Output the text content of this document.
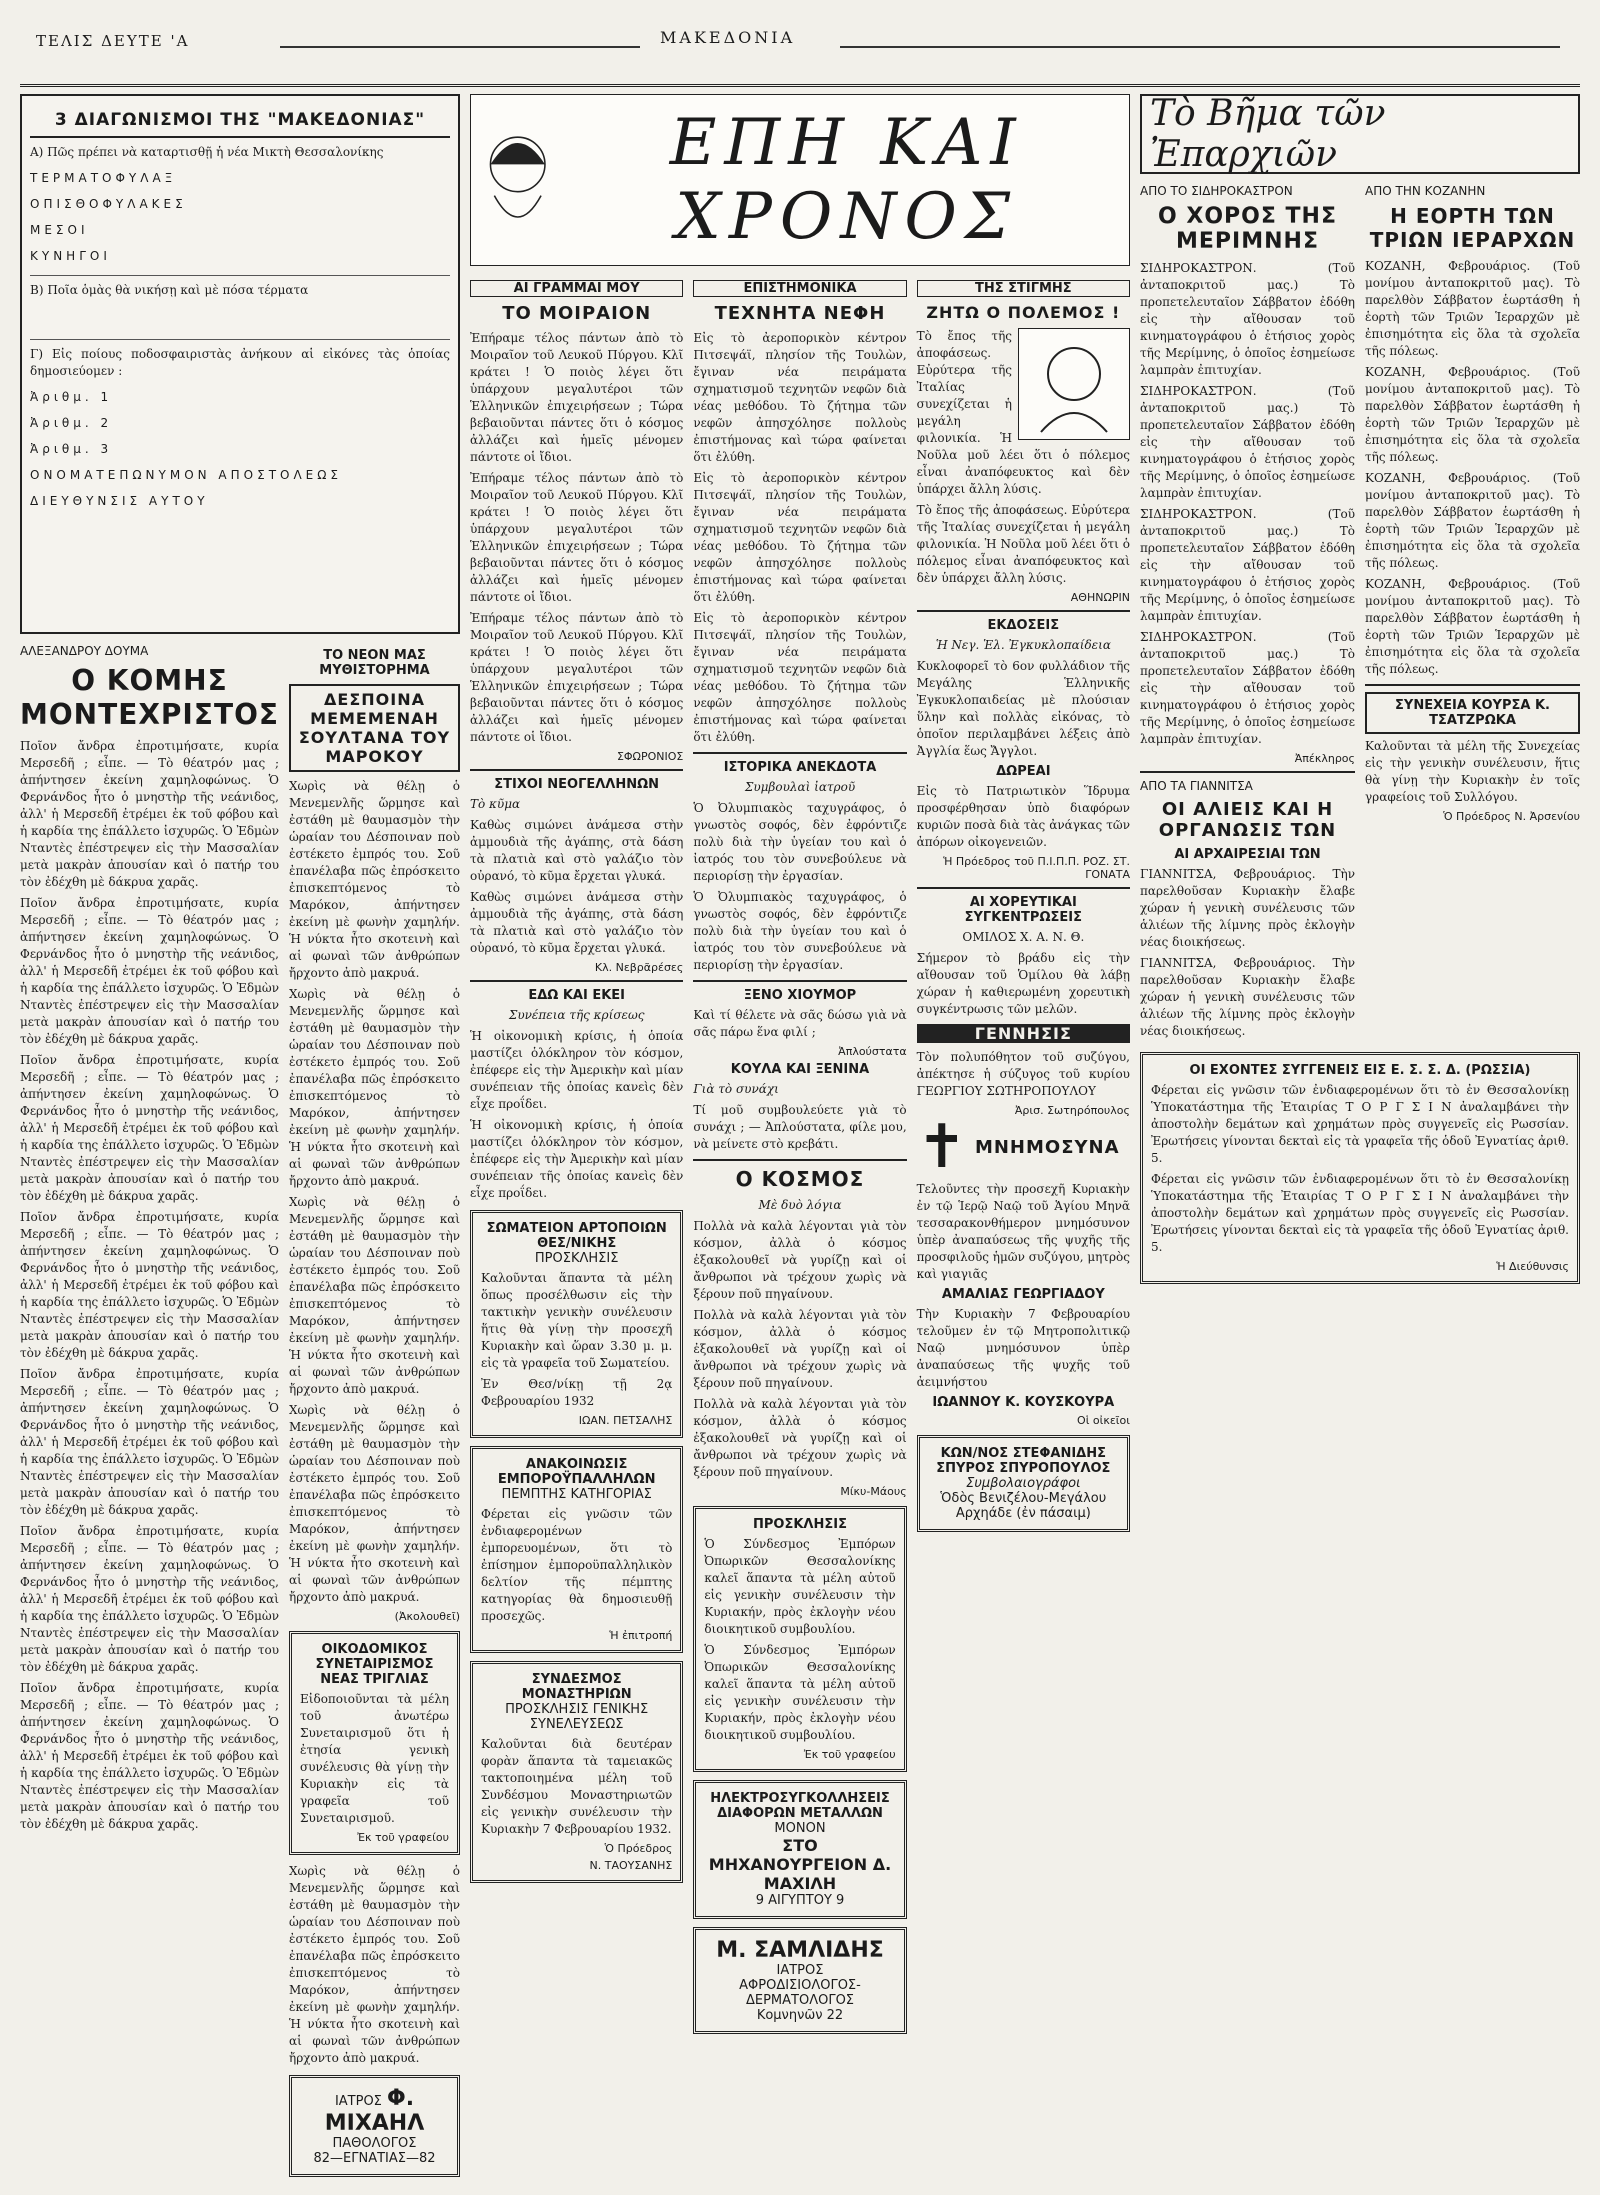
ΤΕΛΙΣ ΔΕΥΤΕ 'Α	ΜΑΚΕΔΟΝΙΑ
3 ΔΙΑΓΩΝΙΣΜΟΙ ΤΗΣ "ΜΑΚΕΔΟΝΙΑΣ"
Α) Πῶς πρέπει νὰ καταρτισθῇ ἡ νέα Μικτὴ Θεσσαλονίκης
ΤΕΡΜΑΤΟΦΥΛΑΞ
ΟΠΙΣΘΟΦΥΛΑΚΕΣ
ΜΕΣΟΙ
ΚΥΝΗΓΟΙ
Β) Ποῖα ὁμὰς θὰ νικήσῃ καὶ μὲ πόσα τέρματα
Γ) Εἰς ποίους ποδοσφαιριστὰς ἀνήκουν αἱ εἰκόνες τὰς ὁποίας δημοσιεύομεν :
Ἀριθμ. 1
Ἀριθμ. 2
Ἀριθμ. 3
ΟΝΟΜΑΤΕΠΩΝΥΜΟΝ ΑΠΟΣΤΟΛΕΩΣ
ΔΙΕΥΘΥΝΣΙΣ ΑΥΤΟΥ
ΑΛΕΞΑΝΔΡΟΥ ΔΟΥΜΑ
Ο ΚΟΜΗΣ ΜΟΝΤΕΧΡΙΣΤΟΣ
Ποῖον ἄνδρα ἐπροτιμήσατε, κυρία Μερσεδῆ ; εἶπε. — Τὸ θέατρόν μας ; ἀπήντησεν ἐκείνη χαμηλοφώνως. Ὁ Φερνάνδος ἦτο ὁ μνηστὴρ τῆς νεάνιδος, ἀλλ' ἡ Μερσεδῆ ἐτρέμει ἐκ τοῦ φόβου καὶ ἡ καρδία της ἐπάλλετο ἰσχυρῶς. Ὁ Ἐδμὼν Νταντὲς ἐπέστρεψεν εἰς τὴν Μασσαλίαν μετὰ μακρὰν ἀπουσίαν καὶ ὁ πατήρ του τὸν ἐδέχθη μὲ δάκρυα χαρᾶς.
Ποῖον ἄνδρα ἐπροτιμήσατε, κυρία Μερσεδῆ ; εἶπε. — Τὸ θέατρόν μας ; ἀπήντησεν ἐκείνη χαμηλοφώνως. Ὁ Φερνάνδος ἦτο ὁ μνηστὴρ τῆς νεάνιδος, ἀλλ' ἡ Μερσεδῆ ἐτρέμει ἐκ τοῦ φόβου καὶ ἡ καρδία της ἐπάλλετο ἰσχυρῶς. Ὁ Ἐδμὼν Νταντὲς ἐπέστρεψεν εἰς τὴν Μασσαλίαν μετὰ μακρὰν ἀπουσίαν καὶ ὁ πατήρ του τὸν ἐδέχθη μὲ δάκρυα χαρᾶς.
Ποῖον ἄνδρα ἐπροτιμήσατε, κυρία Μερσεδῆ ; εἶπε. — Τὸ θέατρόν μας ; ἀπήντησεν ἐκείνη χαμηλοφώνως. Ὁ Φερνάνδος ἦτο ὁ μνηστὴρ τῆς νεάνιδος, ἀλλ' ἡ Μερσεδῆ ἐτρέμει ἐκ τοῦ φόβου καὶ ἡ καρδία της ἐπάλλετο ἰσχυρῶς. Ὁ Ἐδμὼν Νταντὲς ἐπέστρεψεν εἰς τὴν Μασσαλίαν μετὰ μακρὰν ἀπουσίαν καὶ ὁ πατήρ του τὸν ἐδέχθη μὲ δάκρυα χαρᾶς.
Ποῖον ἄνδρα ἐπροτιμήσατε, κυρία Μερσεδῆ ; εἶπε. — Τὸ θέατρόν μας ; ἀπήντησεν ἐκείνη χαμηλοφώνως. Ὁ Φερνάνδος ἦτο ὁ μνηστὴρ τῆς νεάνιδος, ἀλλ' ἡ Μερσεδῆ ἐτρέμει ἐκ τοῦ φόβου καὶ ἡ καρδία της ἐπάλλετο ἰσχυρῶς. Ὁ Ἐδμὼν Νταντὲς ἐπέστρεψεν εἰς τὴν Μασσαλίαν μετὰ μακρὰν ἀπουσίαν καὶ ὁ πατήρ του τὸν ἐδέχθη μὲ δάκρυα χαρᾶς.
Ποῖον ἄνδρα ἐπροτιμήσατε, κυρία Μερσεδῆ ; εἶπε. — Τὸ θέατρόν μας ; ἀπήντησεν ἐκείνη χαμηλοφώνως. Ὁ Φερνάνδος ἦτο ὁ μνηστὴρ τῆς νεάνιδος, ἀλλ' ἡ Μερσεδῆ ἐτρέμει ἐκ τοῦ φόβου καὶ ἡ καρδία της ἐπάλλετο ἰσχυρῶς. Ὁ Ἐδμὼν Νταντὲς ἐπέστρεψεν εἰς τὴν Μασσαλίαν μετὰ μακρὰν ἀπουσίαν καὶ ὁ πατήρ του τὸν ἐδέχθη μὲ δάκρυα χαρᾶς.
Ποῖον ἄνδρα ἐπροτιμήσατε, κυρία Μερσεδῆ ; εἶπε. — Τὸ θέατρόν μας ; ἀπήντησεν ἐκείνη χαμηλοφώνως. Ὁ Φερνάνδος ἦτο ὁ μνηστὴρ τῆς νεάνιδος, ἀλλ' ἡ Μερσεδῆ ἐτρέμει ἐκ τοῦ φόβου καὶ ἡ καρδία της ἐπάλλετο ἰσχυρῶς. Ὁ Ἐδμὼν Νταντὲς ἐπέστρεψεν εἰς τὴν Μασσαλίαν μετὰ μακρὰν ἀπουσίαν καὶ ὁ πατήρ του τὸν ἐδέχθη μὲ δάκρυα χαρᾶς.
Ποῖον ἄνδρα ἐπροτιμήσατε, κυρία Μερσεδῆ ; εἶπε. — Τὸ θέατρόν μας ; ἀπήντησεν ἐκείνη χαμηλοφώνως. Ὁ Φερνάνδος ἦτο ὁ μνηστὴρ τῆς νεάνιδος, ἀλλ' ἡ Μερσεδῆ ἐτρέμει ἐκ τοῦ φόβου καὶ ἡ καρδία της ἐπάλλετο ἰσχυρῶς. Ὁ Ἐδμὼν Νταντὲς ἐπέστρεψεν εἰς τὴν Μασσαλίαν μετὰ μακρὰν ἀπουσίαν καὶ ὁ πατήρ του τὸν ἐδέχθη μὲ δάκρυα χαρᾶς.
ΤΟ ΝΕΟΝ ΜΑΣ ΜΥΘΙΣΤΟΡΗΜΑ
ΔΕΣΠΟΙΝΑ ΜΕΜΕΜΕΝΑΗ ΣΟΥΛΤΑΝΑ ΤΟΥ ΜΑΡΟΚΟΥ
Χωρὶς νὰ θέλῃ ὁ Μενεμενλῆς ὥρμησε καὶ ἐστάθη μὲ θαυμασμὸν τὴν ὡραίαν του Δέσποιναν ποὺ ἐστέκετο ἐμπρός του. Σοῦ ἐπανέλαβα πῶς ἐπρόσκειτο ἐπισκεπτόμενος τὸ Μαρόκον, ἀπήντησεν ἐκείνη μὲ φωνὴν χαμηλήν. Ἡ νύκτα ἦτο σκοτεινὴ καὶ αἱ φωναὶ τῶν ἀνθρώπων ἤρχοντο ἀπὸ μακρυά.
Χωρὶς νὰ θέλῃ ὁ Μενεμενλῆς ὥρμησε καὶ ἐστάθη μὲ θαυμασμὸν τὴν ὡραίαν του Δέσποιναν ποὺ ἐστέκετο ἐμπρός του. Σοῦ ἐπανέλαβα πῶς ἐπρόσκειτο ἐπισκεπτόμενος τὸ Μαρόκον, ἀπήντησεν ἐκείνη μὲ φωνὴν χαμηλήν. Ἡ νύκτα ἦτο σκοτεινὴ καὶ αἱ φωναὶ τῶν ἀνθρώπων ἤρχοντο ἀπὸ μακρυά.
Χωρὶς νὰ θέλῃ ὁ Μενεμενλῆς ὥρμησε καὶ ἐστάθη μὲ θαυμασμὸν τὴν ὡραίαν του Δέσποιναν ποὺ ἐστέκετο ἐμπρός του. Σοῦ ἐπανέλαβα πῶς ἐπρόσκειτο ἐπισκεπτόμενος τὸ Μαρόκον, ἀπήντησεν ἐκείνη μὲ φωνὴν χαμηλήν. Ἡ νύκτα ἦτο σκοτεινὴ καὶ αἱ φωναὶ τῶν ἀνθρώπων ἤρχοντο ἀπὸ μακρυά.
Χωρὶς νὰ θέλῃ ὁ Μενεμενλῆς ὥρμησε καὶ ἐστάθη μὲ θαυμασμὸν τὴν ὡραίαν του Δέσποιναν ποὺ ἐστέκετο ἐμπρός του. Σοῦ ἐπανέλαβα πῶς ἐπρόσκειτο ἐπισκεπτόμενος τὸ Μαρόκον, ἀπήντησεν ἐκείνη μὲ φωνὴν χαμηλήν. Ἡ νύκτα ἦτο σκοτεινὴ καὶ αἱ φωναὶ τῶν ἀνθρώπων ἤρχοντο ἀπὸ μακρυά.
(Ἀκολουθεῖ)
ΟΙΚΟΔΟΜΙΚΟΣ ΣΥΝΕΤΑΙΡΙΣΜΟΣ ΝΕΑΣ ΤΡΙΓΛΙΑΣ
Εἰδοποιοῦνται τὰ μέλη τοῦ ἀνωτέρω Συνεταιρισμοῦ ὅτι ἡ ἐτησία γενικὴ συνέλευσις θὰ γίνῃ τὴν Κυριακὴν εἰς τὰ γραφεῖα τοῦ Συνεταιρισμοῦ.
Ἐκ τοῦ γραφείου
Χωρὶς νὰ θέλῃ ὁ Μενεμενλῆς ὥρμησε καὶ ἐστάθη μὲ θαυμασμὸν τὴν ὡραίαν του Δέσποιναν ποὺ ἐστέκετο ἐμπρός του. Σοῦ ἐπανέλαβα πῶς ἐπρόσκειτο ἐπισκεπτόμενος τὸ Μαρόκον, ἀπήντησεν ἐκείνη μὲ φωνὴν χαμηλήν. Ἡ νύκτα ἦτο σκοτεινὴ καὶ αἱ φωναὶ τῶν ἀνθρώπων ἤρχοντο ἀπὸ μακρυά.
ΙΑΤΡΟΣ Φ. ΜΙΧΑΗΛ
ΠΑΘΟΛΟΓΟΣ
82—ΕΓΝΑΤΙΑΣ—82
ΕΠΗ ΚΑΙ ΧΡΟΝΟΣ
ΑΙ ΓΡΑΜΜΑΙ ΜΟΥ
ΤΟ ΜΟΙΡΑΙΟΝ
Ἐπήραμε τέλος πάντων ἀπὸ τὸ Μοιραῖον τοῦ Λευκοῦ Πύργου. Κλῖ κράτει ! Ὁ ποιὸς λέγει ὅτι ὑπάρχουν μεγαλυτέροι τῶν Ἑλληνικῶν ἐπιχειρήσεων ; Τώρα βεβαιοῦνται πάντες ὅτι ὁ κόσμος ἀλλάζει καὶ ἡμεῖς μένομεν πάντοτε οἱ ἴδιοι.
Ἐπήραμε τέλος πάντων ἀπὸ τὸ Μοιραῖον τοῦ Λευκοῦ Πύργου. Κλῖ κράτει ! Ὁ ποιὸς λέγει ὅτι ὑπάρχουν μεγαλυτέροι τῶν Ἑλληνικῶν ἐπιχειρήσεων ; Τώρα βεβαιοῦνται πάντες ὅτι ὁ κόσμος ἀλλάζει καὶ ἡμεῖς μένομεν πάντοτε οἱ ἴδιοι.
Ἐπήραμε τέλος πάντων ἀπὸ τὸ Μοιραῖον τοῦ Λευκοῦ Πύργου. Κλῖ κράτει ! Ὁ ποιὸς λέγει ὅτι ὑπάρχουν μεγαλυτέροι τῶν Ἑλληνικῶν ἐπιχειρήσεων ; Τώρα βεβαιοῦνται πάντες ὅτι ὁ κόσμος ἀλλάζει καὶ ἡμεῖς μένομεν πάντοτε οἱ ἴδιοι.
ΣΦΩΡΟΝΙΟΣ
ΣΤΙΧΟΙ ΝΕΟΓΕΛΛΗΝΩΝ
Τὸ κῦμα
Καθὼς σιμώνει ἀνάμεσα στὴν ἀμμουδιὰ τῆς ἀγάπης, στὰ δάση τὰ πλατιὰ καὶ στὸ γαλάζιο τὸν οὐρανό, τὸ κῦμα ἔρχεται γλυκά.
Καθὼς σιμώνει ἀνάμεσα στὴν ἀμμουδιὰ τῆς ἀγάπης, στὰ δάση τὰ πλατιὰ καὶ στὸ γαλάζιο τὸν οὐρανό, τὸ κῦμα ἔρχεται γλυκά.
Κλ. Νεβρᾶρέσες
ΕΔΩ ΚΑΙ ΕΚΕΙ
Συνέπεια τῆς κρίσεως
Ἡ οἰκονομικὴ κρίσις, ἡ ὁποία μαστίζει ὁλόκληρον τὸν κόσμον, ἐπέφερε εἰς τὴν Ἀμερικὴν καὶ μίαν συνέπειαν τῆς ὁποίας κανεὶς δὲν εἶχε προΐδει.
Ἡ οἰκονομικὴ κρίσις, ἡ ὁποία μαστίζει ὁλόκληρον τὸν κόσμον, ἐπέφερε εἰς τὴν Ἀμερικὴν καὶ μίαν συνέπειαν τῆς ὁποίας κανεὶς δὲν εἶχε προΐδει.
ΣΩΜΑΤΕΙΟΝ ΑΡΤΟΠΟΙΩΝ ΘΕΣ/ΝΙΚΗΣ
ΠΡΟΣΚΛΗΣΙΣ
Καλοῦνται ἅπαντα τὰ μέλη ὅπως προσέλθωσιν εἰς τὴν τακτικὴν γενικὴν συνέλευσιν ἥτις θὰ γίνῃ τὴν προσεχῆ Κυριακὴν καὶ ὥραν 3.30 μ. μ. εἰς τὰ γραφεῖα τοῦ Σωματείου.
Ἐν Θεσ/νίκῃ τῇ 2ᾳ Φεβρουαρίου 1932
ΙΩΑΝ. ΠΕΤΣΑΛΗΣ
ΑΝΑΚΟΙΝΩΣΙΣ ΕΜΠΟΡΟΫΠΑΛΛΗΛΩΝ
ΠΕΜΠΤΗΣ ΚΑΤΗΓΟΡΙΑΣ
Φέρεται εἰς γνῶσιν τῶν ἐνδιαφερομένων ἐμπορευομένων, ὅτι τὸ ἐπίσημον ἐμποροϋπαλληλικὸν δελτίον τῆς πέμπτης κατηγορίας θὰ δημοσιευθῇ προσεχῶς.
Ἡ ἐπιτροπή
ΣΥΝΔΕΣΜΟΣ ΜΟΝΑΣΤΗΡΙΩΝ
ΠΡΟΣΚΛΗΣΙΣ ΓΕΝΙΚΗΣ ΣΥΝΕΛΕΥΣΕΩΣ
Καλοῦνται διὰ δευτέραν φορὰν ἅπαντα τὰ ταμειακῶς τακτοποιημένα μέλη τοῦ Συνδέσμου Μοναστηριωτῶν εἰς γενικὴν συνέλευσιν τὴν Κυριακὴν 7 Φεβρουαρίου 1932.
Ὁ Πρόεδρος
Ν. ΤΑΟΥΣΑΝΗΣ
ΕΠΙΣΤΗΜΟΝΙΚΑ
ΤΕΧΝΗΤΑ ΝΕΦΗ
Εἰς τὸ ἀεροπορικὸν κέντρον Πιτσεψάϊ, πλησίον τῆς Τουλὼν, ἔγιναν νέα πειράματα σχηματισμοῦ τεχνητῶν νεφῶν διὰ νέας μεθόδου. Τὸ ζήτημα τῶν νεφῶν ἀπησχόλησε πολλοὺς ἐπιστήμονας καὶ τώρα φαίνεται ὅτι ἐλύθη.
Εἰς τὸ ἀεροπορικὸν κέντρον Πιτσεψάϊ, πλησίον τῆς Τουλὼν, ἔγιναν νέα πειράματα σχηματισμοῦ τεχνητῶν νεφῶν διὰ νέας μεθόδου. Τὸ ζήτημα τῶν νεφῶν ἀπησχόλησε πολλοὺς ἐπιστήμονας καὶ τώρα φαίνεται ὅτι ἐλύθη.
Εἰς τὸ ἀεροπορικὸν κέντρον Πιτσεψάϊ, πλησίον τῆς Τουλὼν, ἔγιναν νέα πειράματα σχηματισμοῦ τεχνητῶν νεφῶν διὰ νέας μεθόδου. Τὸ ζήτημα τῶν νεφῶν ἀπησχόλησε πολλοὺς ἐπιστήμονας καὶ τώρα φαίνεται ὅτι ἐλύθη.
ΙΣΤΟΡΙΚΑ ΑΝΕΚΔΟΤΑ
Συμβουλαὶ ἰατροῦ
Ὁ Ὀλυμπιακὸς ταχυγράφος, ὁ γνωστὸς σοφός, δὲν ἐφρόντιζε πολὺ διὰ τὴν ὑγείαν του καὶ ὁ ἰατρός του τὸν συνεβούλευε νὰ περιορίσῃ τὴν ἐργασίαν.
Ὁ Ὀλυμπιακὸς ταχυγράφος, ὁ γνωστὸς σοφός, δὲν ἐφρόντιζε πολὺ διὰ τὴν ὑγείαν του καὶ ὁ ἰατρός του τὸν συνεβούλευε νὰ περιορίσῃ τὴν ἐργασίαν.
ΞΕΝΟ ΧΙΟΥΜΟΡ
Καὶ τί θέλετε νὰ σᾶς δώσω γιὰ νὰ σᾶς πάρω ἕνα φιλί ;
Ἀπλούστατα
ΚΟΥΛΑ ΚΑΙ ΞΕΝΙΝΑ
Γιὰ τὸ συνάχι
Τί μοῦ συμβουλεύετε γιὰ τὸ συνάχι ; — Ἀπλούστατα, φίλε μου, νὰ μείνετε στὸ κρεβάτι.
Ο ΚΟΣΜΟΣ
Μὲ δυὸ λόγια
Πολλὰ νὰ καλὰ λέγονται γιὰ τὸν κόσμον, ἀλλὰ ὁ κόσμος ἐξακολουθεῖ νὰ γυρίζῃ καὶ οἱ ἄνθρωποι νὰ τρέχουν χωρὶς νὰ ξέρουν ποῦ πηγαίνουν.
Πολλὰ νὰ καλὰ λέγονται γιὰ τὸν κόσμον, ἀλλὰ ὁ κόσμος ἐξακολουθεῖ νὰ γυρίζῃ καὶ οἱ ἄνθρωποι νὰ τρέχουν χωρὶς νὰ ξέρουν ποῦ πηγαίνουν.
Πολλὰ νὰ καλὰ λέγονται γιὰ τὸν κόσμον, ἀλλὰ ὁ κόσμος ἐξακολουθεῖ νὰ γυρίζῃ καὶ οἱ ἄνθρωποι νὰ τρέχουν χωρὶς νὰ ξέρουν ποῦ πηγαίνουν.
Μίκυ-Μάους
ΠΡΟΣΚΛΗΣΙΣ
Ὁ Σύνδεσμος Ἐμπόρων Ὀπωρικῶν Θεσσαλονίκης καλεῖ ἅπαντα τὰ μέλη αὐτοῦ εἰς γενικὴν συνέλευσιν τὴν Κυριακήν, πρὸς ἐκλογὴν νέου διοικητικοῦ συμβουλίου.
Ὁ Σύνδεσμος Ἐμπόρων Ὀπωρικῶν Θεσσαλονίκης καλεῖ ἅπαντα τὰ μέλη αὐτοῦ εἰς γενικὴν συνέλευσιν τὴν Κυριακήν, πρὸς ἐκλογὴν νέου διοικητικοῦ συμβουλίου.
Ἐκ τοῦ γραφείου
ΗΛΕΚΤΡΟΣΥΓΚΟΛΛΗΣΕΙΣ ΔΙΑΦΟΡΩΝ ΜΕΤΑΛΛΩΝ
ΜΟΝΟΝ
ΣΤΟ ΜΗΧΑΝΟΥΡΓΕΙΟΝ Δ. ΜΑΧΙΛΗ
9 ΑΙΓΥΠΤΟΥ 9
Μ. ΣΑΜΛΙΔΗΣ
ΙΑΤΡΟΣ
ΑΦΡΟΔΙΣΙΟΛΟΓΟΣ-ΔΕΡΜΑΤΟΛΟΓΟΣ
Κομνηνῶν 22
ΤΗΣ ΣΤΙΓΜΗΣ
ΖΗΤΩ Ο ΠΟΛΕΜΟΣ !
Τὸ ἔπος τῆς ἀποφάσεως. Εὐρύτερα τῆς Ἰταλίας συνεχίζεται ἡ μεγάλη φιλονικία. Ἡ Νοῦλα μοῦ λέει ὅτι ὁ πόλεμος εἶναι ἀναπόφευκτος καὶ δὲν ὑπάρχει ἄλλη λύσις.
Τὸ ἔπος τῆς ἀποφάσεως. Εὐρύτερα τῆς Ἰταλίας συνεχίζεται ἡ μεγάλη φιλονικία. Ἡ Νοῦλα μοῦ λέει ὅτι ὁ πόλεμος εἶναι ἀναπόφευκτος καὶ δὲν ὑπάρχει ἄλλη λύσις.
ΑΘΗΝΩΡΙΝ
ΕΚΔΟΣΕΙΣ
Ἡ Νεγ. Ἑλ. Ἐγκυκλοπαίδεια
Κυκλοφορεῖ τὸ 6ον φυλλάδιον τῆς Μεγάλης Ἑλληνικῆς Ἐγκυκλοπαιδείας μὲ πλούσιαν ὕλην καὶ πολλὰς εἰκόνας, τὸ ὁποῖον περιλαμβάνει λέξεις ἀπὸ Ἀγγλία ἕως Ἄγγλοι.
ΔΩΡΕΑΙ
Εἰς τὸ Πατριωτικὸν Ἵδρυμα προσφέρθησαν ὑπὸ διαφόρων κυριῶν ποσὰ διὰ τὰς ἀνάγκας τῶν ἀπόρων οἰκογενειῶν.
Ἡ Πρόεδρος τοῦ Π.Ι.Π.Π. ΡΟΖ. ΣΤ. ΓΟΝΑΤΑ
ΑΙ ΧΟΡΕΥΤΙΚΑΙ ΣΥΓΚΕΝΤΡΩΣΕΙΣ
ΟΜΙΛΟΣ Χ. Α. Ν. Θ.
Σήμερον τὸ βράδυ εἰς τὴν αἴθουσαν τοῦ Ὁμίλου θὰ λάβῃ χώραν ἡ καθιερωμένη χορευτικὴ συγκέντρωσις τῶν μελῶν.
ΓΕΝΝΗΣΙΣ
Τὸν πολυπόθητον τοῦ συζύγου, ἀπέκτησε ἡ σύζυγος τοῦ κυρίου ΓΕΩΡΓΙΟΥ ΣΩΤΗΡΟΠΟΥΛΟΥ
Ἀρισ. Σωτηρόπουλος
✝ ΜΝΗΜΟΣΥΝΑ
Τελοῦντες τὴν προσεχῆ Κυριακὴν ἐν τῷ Ἱερῷ Ναῷ τοῦ Ἁγίου Μηνᾶ τεσσαρακονθήμερον μνημόσυνον ὑπὲρ ἀναπαύσεως τῆς ψυχῆς τῆς προσφιλοῦς ἡμῶν συζύγου, μητρὸς καὶ γιαγιᾶς
ΑΜΑΛΙΑΣ ΓΕΩΡΓΙΑΔΟΥ
Τὴν Κυριακὴν 7 Φεβρουαρίου τελοῦμεν ἐν τῷ Μητροπολιτικῷ Ναῷ μνημόσυνον ὑπὲρ ἀναπαύσεως τῆς ψυχῆς τοῦ ἀειμνήστου
ΙΩΑΝΝΟΥ Κ. ΚΟΥΣΚΟΥΡΑ
Οἱ οἰκεῖοι
ΚΩΝ/ΝΟΣ ΣΤΕΦΑΝΙΔΗΣ ΣΠΥΡΟΣ ΣΠΥΡΟΠΟΥΛΟΣ
Συμβολαιογράφοι
Ὁδὸς Βενιζέλου-Μεγάλου Αρχηάδε (ἐν πάσαιμ)
Τὸ Βῆμα τῶν Ἐπαρχιῶν
ΑΠΟ ΤΟ ΣΙΔΗΡΟΚΑΣΤΡΟΝ
Ο ΧΟΡΟΣ ΤΗΣ ΜΕΡΙΜΝΗΣ
ΣΙΔΗΡΟΚΑΣΤΡΟΝ. (Τοῦ ἀνταποκριτοῦ μας.) Τὸ προπετελευταῖον Σάββατον ἐδόθη εἰς τὴν αἴθουσαν τοῦ κινηματογράφου ὁ ἐτήσιος χορὸς τῆς Μερίμνης, ὁ ὁποῖος ἐσημείωσε λαμπρὰν ἐπιτυχίαν.
ΣΙΔΗΡΟΚΑΣΤΡΟΝ. (Τοῦ ἀνταποκριτοῦ μας.) Τὸ προπετελευταῖον Σάββατον ἐδόθη εἰς τὴν αἴθουσαν τοῦ κινηματογράφου ὁ ἐτήσιος χορὸς τῆς Μερίμνης, ὁ ὁποῖος ἐσημείωσε λαμπρὰν ἐπιτυχίαν.
ΣΙΔΗΡΟΚΑΣΤΡΟΝ. (Τοῦ ἀνταποκριτοῦ μας.) Τὸ προπετελευταῖον Σάββατον ἐδόθη εἰς τὴν αἴθουσαν τοῦ κινηματογράφου ὁ ἐτήσιος χορὸς τῆς Μερίμνης, ὁ ὁποῖος ἐσημείωσε λαμπρὰν ἐπιτυχίαν.
ΣΙΔΗΡΟΚΑΣΤΡΟΝ. (Τοῦ ἀνταποκριτοῦ μας.) Τὸ προπετελευταῖον Σάββατον ἐδόθη εἰς τὴν αἴθουσαν τοῦ κινηματογράφου ὁ ἐτήσιος χορὸς τῆς Μερίμνης, ὁ ὁποῖος ἐσημείωσε λαμπρὰν ἐπιτυχίαν.
Ἀπέκληρος
ΑΠΟ ΤΑ ΓΙΑΝΝΙΤΣΑ
ΟΙ ΑΛΙΕΙΣ ΚΑΙ Η ΟΡΓΑΝΩΣΙΣ ΤΩΝ
ΑΙ ΑΡΧΑΙΡΕΣΙΑΙ ΤΩΝ
ΓΙΑΝΝΙΤΣΑ, Φεβρουάριος. Τὴν παρελθοῦσαν Κυριακὴν ἔλαβε χώραν ἡ γενικὴ συνέλευσις τῶν ἁλιέων τῆς λίμνης πρὸς ἐκλογὴν νέας διοικήσεως.
ΓΙΑΝΝΙΤΣΑ, Φεβρουάριος. Τὴν παρελθοῦσαν Κυριακὴν ἔλαβε χώραν ἡ γενικὴ συνέλευσις τῶν ἁλιέων τῆς λίμνης πρὸς ἐκλογὴν νέας διοικήσεως.
ΑΠΟ ΤΗΝ ΚΟΖΑΝΗΝ
Η ΕΟΡΤΗ ΤΩΝ ΤΡΙΩΝ ΙΕΡΑΡΧΩΝ
ΚΟΖΑΝΗ, Φεβρουάριος. (Τοῦ μονίμου ἀνταποκριτοῦ μας). Τὸ παρελθὸν Σάββατον ἑωρτάσθη ἡ ἑορτὴ τῶν Τριῶν Ἱεραρχῶν μὲ ἐπισημότητα εἰς ὅλα τὰ σχολεῖα τῆς πόλεως.
ΚΟΖΑΝΗ, Φεβρουάριος. (Τοῦ μονίμου ἀνταποκριτοῦ μας). Τὸ παρελθὸν Σάββατον ἑωρτάσθη ἡ ἑορτὴ τῶν Τριῶν Ἱεραρχῶν μὲ ἐπισημότητα εἰς ὅλα τὰ σχολεῖα τῆς πόλεως.
ΚΟΖΑΝΗ, Φεβρουάριος. (Τοῦ μονίμου ἀνταποκριτοῦ μας). Τὸ παρελθὸν Σάββατον ἑωρτάσθη ἡ ἑορτὴ τῶν Τριῶν Ἱεραρχῶν μὲ ἐπισημότητα εἰς ὅλα τὰ σχολεῖα τῆς πόλεως.
ΚΟΖΑΝΗ, Φεβρουάριος. (Τοῦ μονίμου ἀνταποκριτοῦ μας). Τὸ παρελθὸν Σάββατον ἑωρτάσθη ἡ ἑορτὴ τῶν Τριῶν Ἱεραρχῶν μὲ ἐπισημότητα εἰς ὅλα τὰ σχολεῖα τῆς πόλεως.
ΣΥΝΕΧΕΙΑ ΚΟΥΡΣΑ Κ. ΤΣΑΤΖΡΩΚΑ
Καλοῦνται τὰ μέλη τῆς Συνεχείας εἰς τὴν γενικὴν συνέλευσιν, ἥτις θὰ γίνῃ τὴν Κυριακὴν ἐν τοῖς γραφείοις τοῦ Συλλόγου.
Ὁ Πρόεδρος Ν. Ἀρσενίου
ΟΙ ΕΧΟΝΤΕΣ ΣΥΓΓΕΝΕΙΣ ΕΙΣ Ε. Σ. Σ. Δ. (ΡΩΣΣΙΑ)
Φέρεται εἰς γνῶσιν τῶν ἐνδιαφερομένων ὅτι τὸ ἐν Θεσσαλονίκῃ Ὑποκατάστημα τῆς Ἐταιρίας Τ Ο Ρ Γ Σ Ι Ν ἀναλαμβάνει τὴν ἀποστολὴν δεμάτων καὶ χρημάτων πρὸς συγγενεῖς εἰς Ρωσσίαν. Ἐρωτήσεις γίνονται δεκταὶ εἰς τὰ γραφεῖα τῆς ὁδοῦ Ἐγνατίας ἀριθ. 5.
Φέρεται εἰς γνῶσιν τῶν ἐνδιαφερομένων ὅτι τὸ ἐν Θεσσαλονίκῃ Ὑποκατάστημα τῆς Ἐταιρίας Τ Ο Ρ Γ Σ Ι Ν ἀναλαμβάνει τὴν ἀποστολὴν δεμάτων καὶ χρημάτων πρὸς συγγενεῖς εἰς Ρωσσίαν. Ἐρωτήσεις γίνονται δεκταὶ εἰς τὰ γραφεῖα τῆς ὁδοῦ Ἐγνατίας ἀριθ. 5.
Ἡ Διεύθυνσις
